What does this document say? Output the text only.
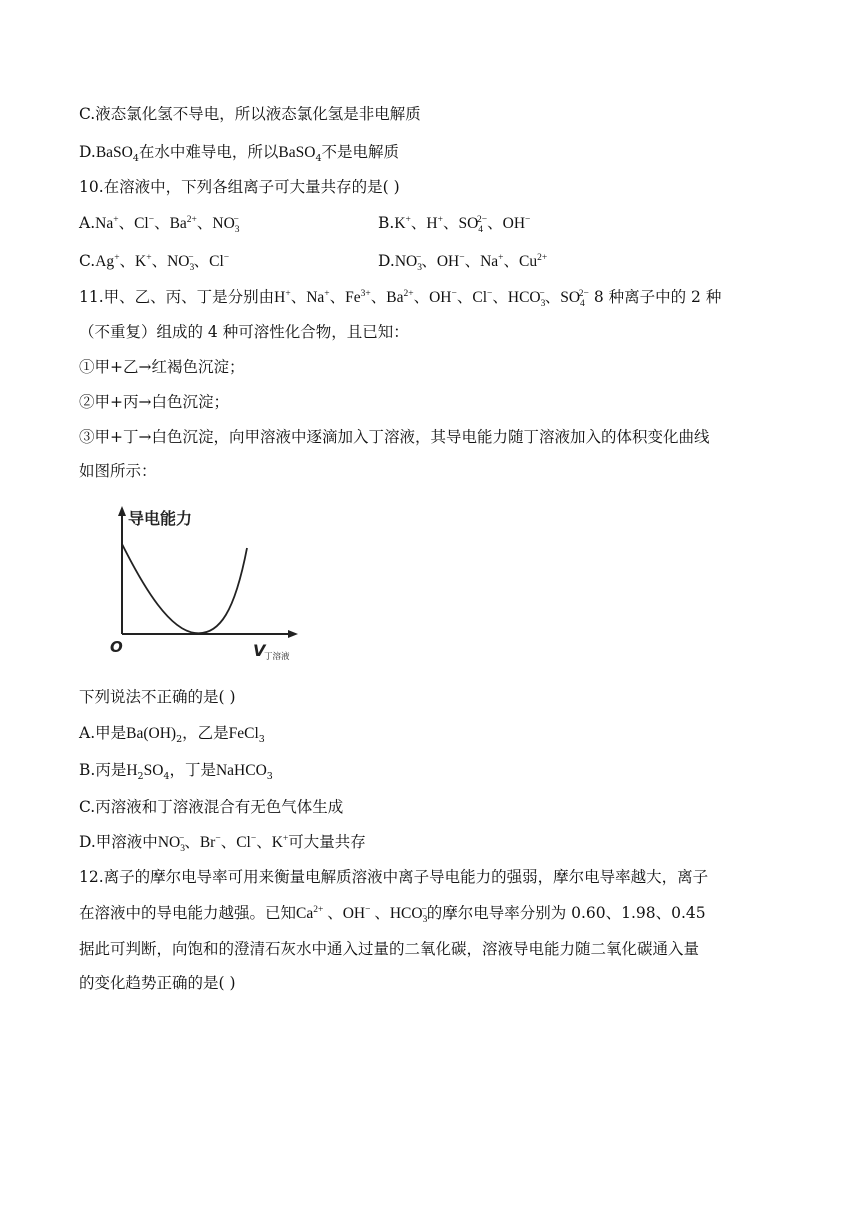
C.液态氯化氢不导电，所以液态氯化氢是非电解质
D.BaSO$_4$在水中难导电，所以BaSO$_4$不是电解质
10.在溶液中，下列各组离子可大量共存的是( )
A.Na+、Cl−、$Ba^{2+}$、$NO_3^-$	B.K+、H+、$SO_4^{2-}$、OH−
C.Ag+、K+、$NO_3^-$、Cl−	$D.NO_3^-$、OH−、Na+、$Cu^{2+}$
11.甲、乙、丙、丁是分别由H+、Na+、$Fe^{3+}$、$Ba^{2+}$、OH−、Cl−、$HCO_3^-$、$SO_4^{2-}$ 8 种离子中的 2 种
（不重复）组成的 4 种可溶性化合物，且已知：
①甲+乙→红褐色沉淀；
②甲+丙→白色沉淀；
③甲+丁→白色沉淀，向甲溶液中逐滴加入丁溶液，其导电能力随丁溶液加入的体积变化曲线
如图所示：
导电能力
O	V
丁溶液
下列说法不正确的是( )
A.甲是$Ba(OH)_2$，乙是FeCl$_3$
B.丙是$H_2SO_4$，丁是NaHCO$_3$
C.丙溶液和丁溶液混合有无色气体生成
D.甲溶液中$NO_3^-$、Br−、Cl−、K+可大量共存
12.离子的摩尔电导率可用来衡量电解质溶液中离子导电能力的强弱，摩尔电导率越大，离子
在溶液中的导电能力越强。已知$Ca^{2+}$ 、OH− 、$HCO_3^-$的摩尔电导率分别为 0.60、1.98、0.45
据此可判断，向饱和的澄清石灰水中通入过量的二氧化碳，溶液导电能力随二氧化碳通入量
的变化趋势正确的是( )
